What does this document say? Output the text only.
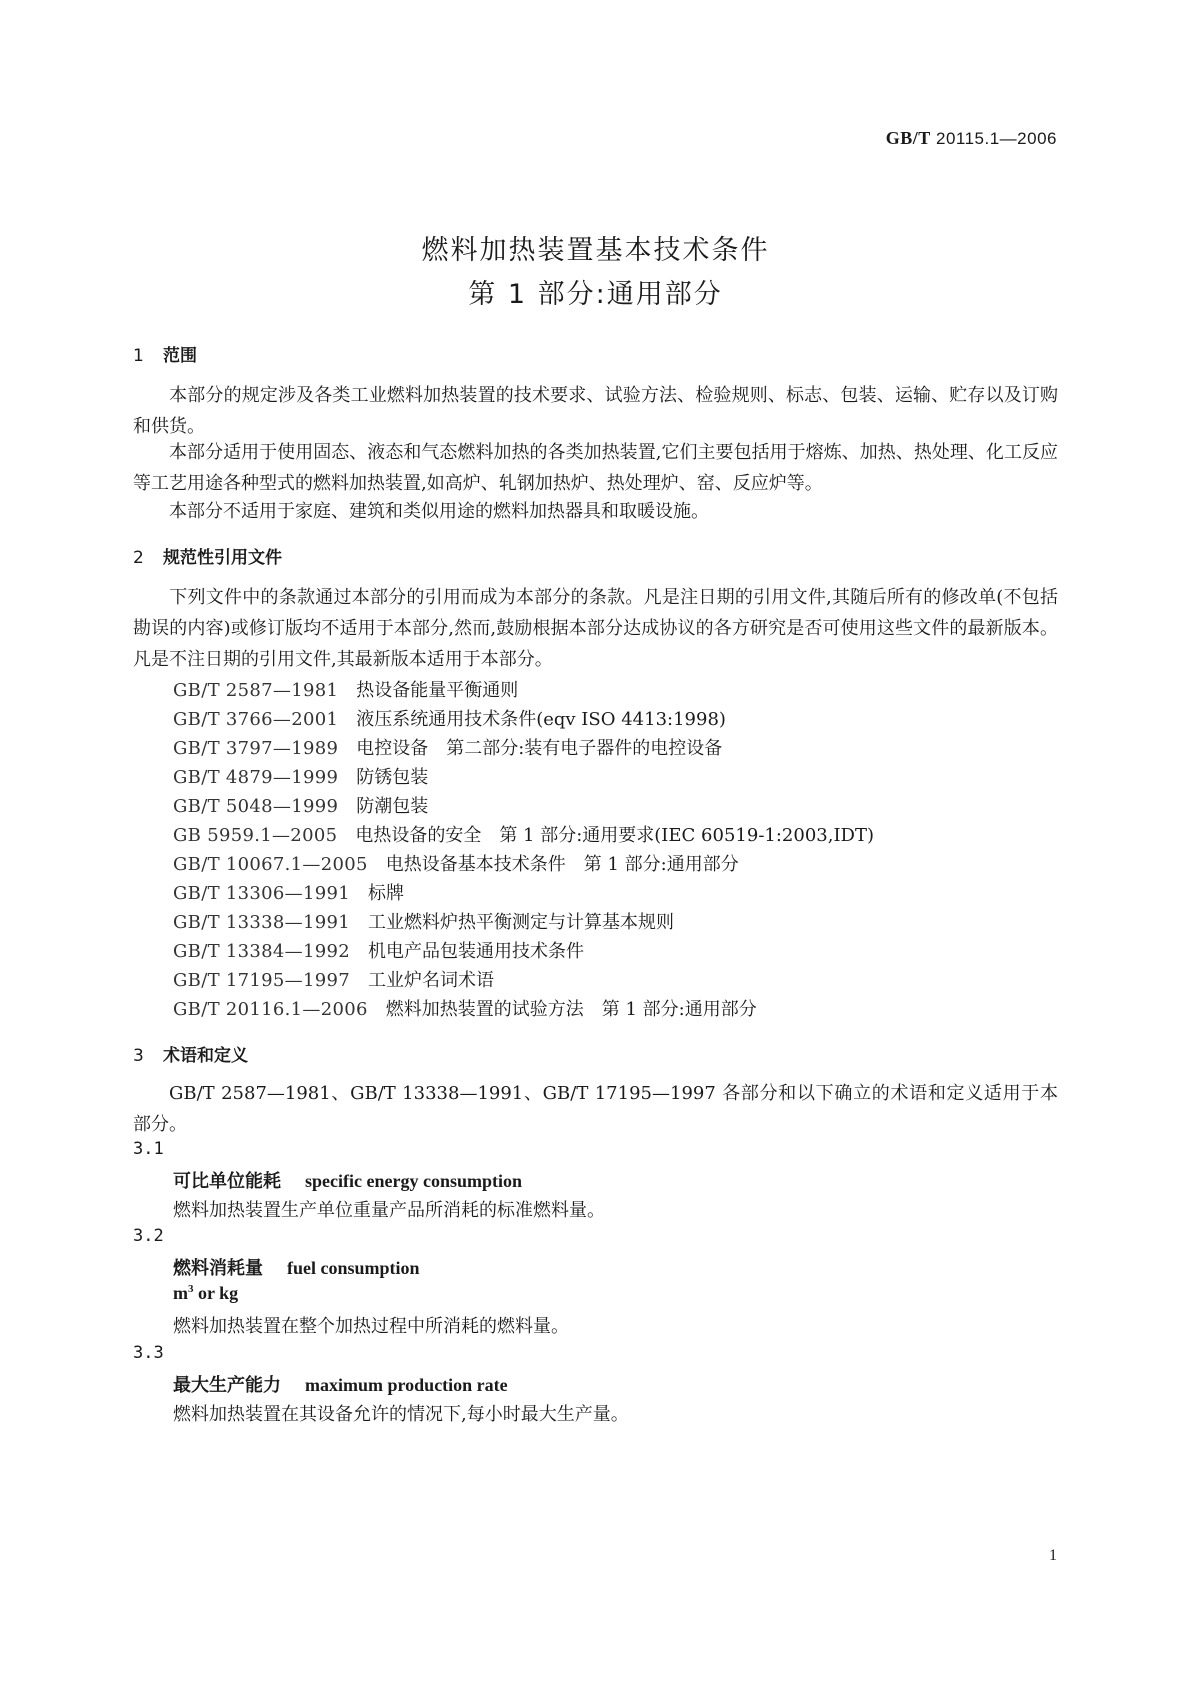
GB/T 20115.1—2006
燃料加热装置基本技术条件
第 1 部分:通用部分
1 范围
本部分的规定涉及各类工业燃料加热装置的技术要求、试验方法、检验规则、标志、包装、运输、贮存以及订购和供货。
本部分适用于使用固态、液态和气态燃料加热的各类加热装置,它们主要包括用于熔炼、加热、热处理、化工反应等工艺用途各种型式的燃料加热装置,如高炉、轧钢加热炉、热处理炉、窑、反应炉等。
本部分不适用于家庭、建筑和类似用途的燃料加热器具和取暖设施。
2 规范性引用文件
下列文件中的条款通过本部分的引用而成为本部分的条款。凡是注日期的引用文件,其随后所有的修改单(不包括勘误的内容)或修订版均不适用于本部分,然而,鼓励根据本部分达成协议的各方研究是否可使用这些文件的最新版本。凡是不注日期的引用文件,其最新版本适用于本部分。
GB/T 2587—1981 热设备能量平衡通则
GB/T 3766—2001 液压系统通用技术条件(eqv ISO 4413:1998)
GB/T 3797—1989 电控设备　第二部分:装有电子器件的电控设备
GB/T 4879—1999 防锈包装
GB/T 5048—1999 防潮包装
GB 5959.1—2005 电热设备的安全　第 1 部分:通用要求(IEC 60519-1:2003,IDT)
GB/T 10067.1—2005 电热设备基本技术条件　第 1 部分:通用部分
GB/T 13306—1991 标牌
GB/T 13338—1991 工业燃料炉热平衡测定与计算基本规则
GB/T 13384—1992 机电产品包装通用技术条件
GB/T 17195—1997 工业炉名词术语
GB/T 20116.1—2006 燃料加热装置的试验方法　第 1 部分:通用部分
3 术语和定义
GB/T 2587—1981、GB/T 13338—1991、GB/T 17195—1997 各部分和以下确立的术语和定义适用于本部分。
3.1
可比单位能耗 specific energy consumption
燃料加热装置生产单位重量产品所消耗的标准燃料量。
3.2
燃料消耗量 fuel consumption
$m^3$ or kg
燃料加热装置在整个加热过程中所消耗的燃料量。
3.3
最大生产能力 maximum production rate
燃料加热装置在其设备允许的情况下,每小时最大生产量。
1
